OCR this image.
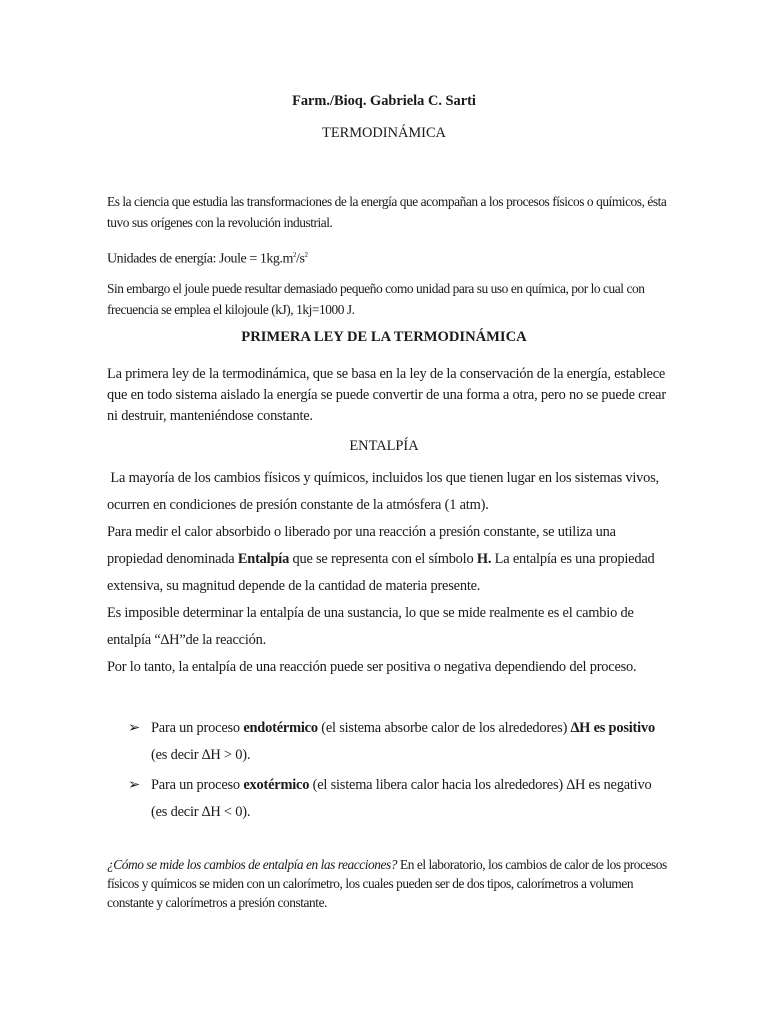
Farm./Bioq. Gabriela C. Sarti

TERMODINÁMICA

Es la ciencia que estudia las transformaciones de la energía que acompañan a los procesos físicos o químicos, ésta tuvo sus orígenes con la revolución industrial.

Unidades de energía: Joule = $1kg.m^2/s^2$

Sin embargo el joule puede resultar demasiado pequeño como unidad para su uso en química, por lo cual con frecuencia se emplea el kilojoule (kJ), 1kj=1000 J.

PRIMERA LEY DE LA TERMODINÁMICA

La primera ley de la termodinámica, que se basa en la ley de la conservación de la energía, establece que en todo sistema aislado la energía se puede convertir de una forma a otra, pero no se puede crear ni destruir, manteniéndose constante.

ENTALPÍA

La mayoría de los cambios físicos y químicos, incluidos los que tienen lugar en los sistemas vivos, ocurren en condiciones de presión constante de la atmósfera (1 atm).

Para medir el calor absorbido o liberado por una reacción a presión constante, se utiliza una propiedad denominada Entalpía que se representa con el símbolo H. La entalpía es una propiedad extensiva, su magnitud depende de la cantidad de materia presente.

Es imposible determinar la entalpía de una sustancia, lo que se mide realmente es el cambio de entalpía “∆H”de la reacción.

Por lo tanto, la entalpía de una reacción puede ser positiva o negativa dependiendo del proceso.

➢ Para un proceso endotérmico (el sistema absorbe calor de los alrededores) ∆H es positivo (es decir ∆H > 0).
➢ Para un proceso exotérmico (el sistema libera calor hacia los alrededores) ∆H es negativo (es decir ∆H < 0).

¿Cómo se mide los cambios de entalpía en las reacciones? En el laboratorio, los cambios de calor de los procesos físicos y químicos se miden con un calorímetro, los cuales pueden ser de dos tipos, calorímetros a volumen constante y calorímetros a presión constante.
